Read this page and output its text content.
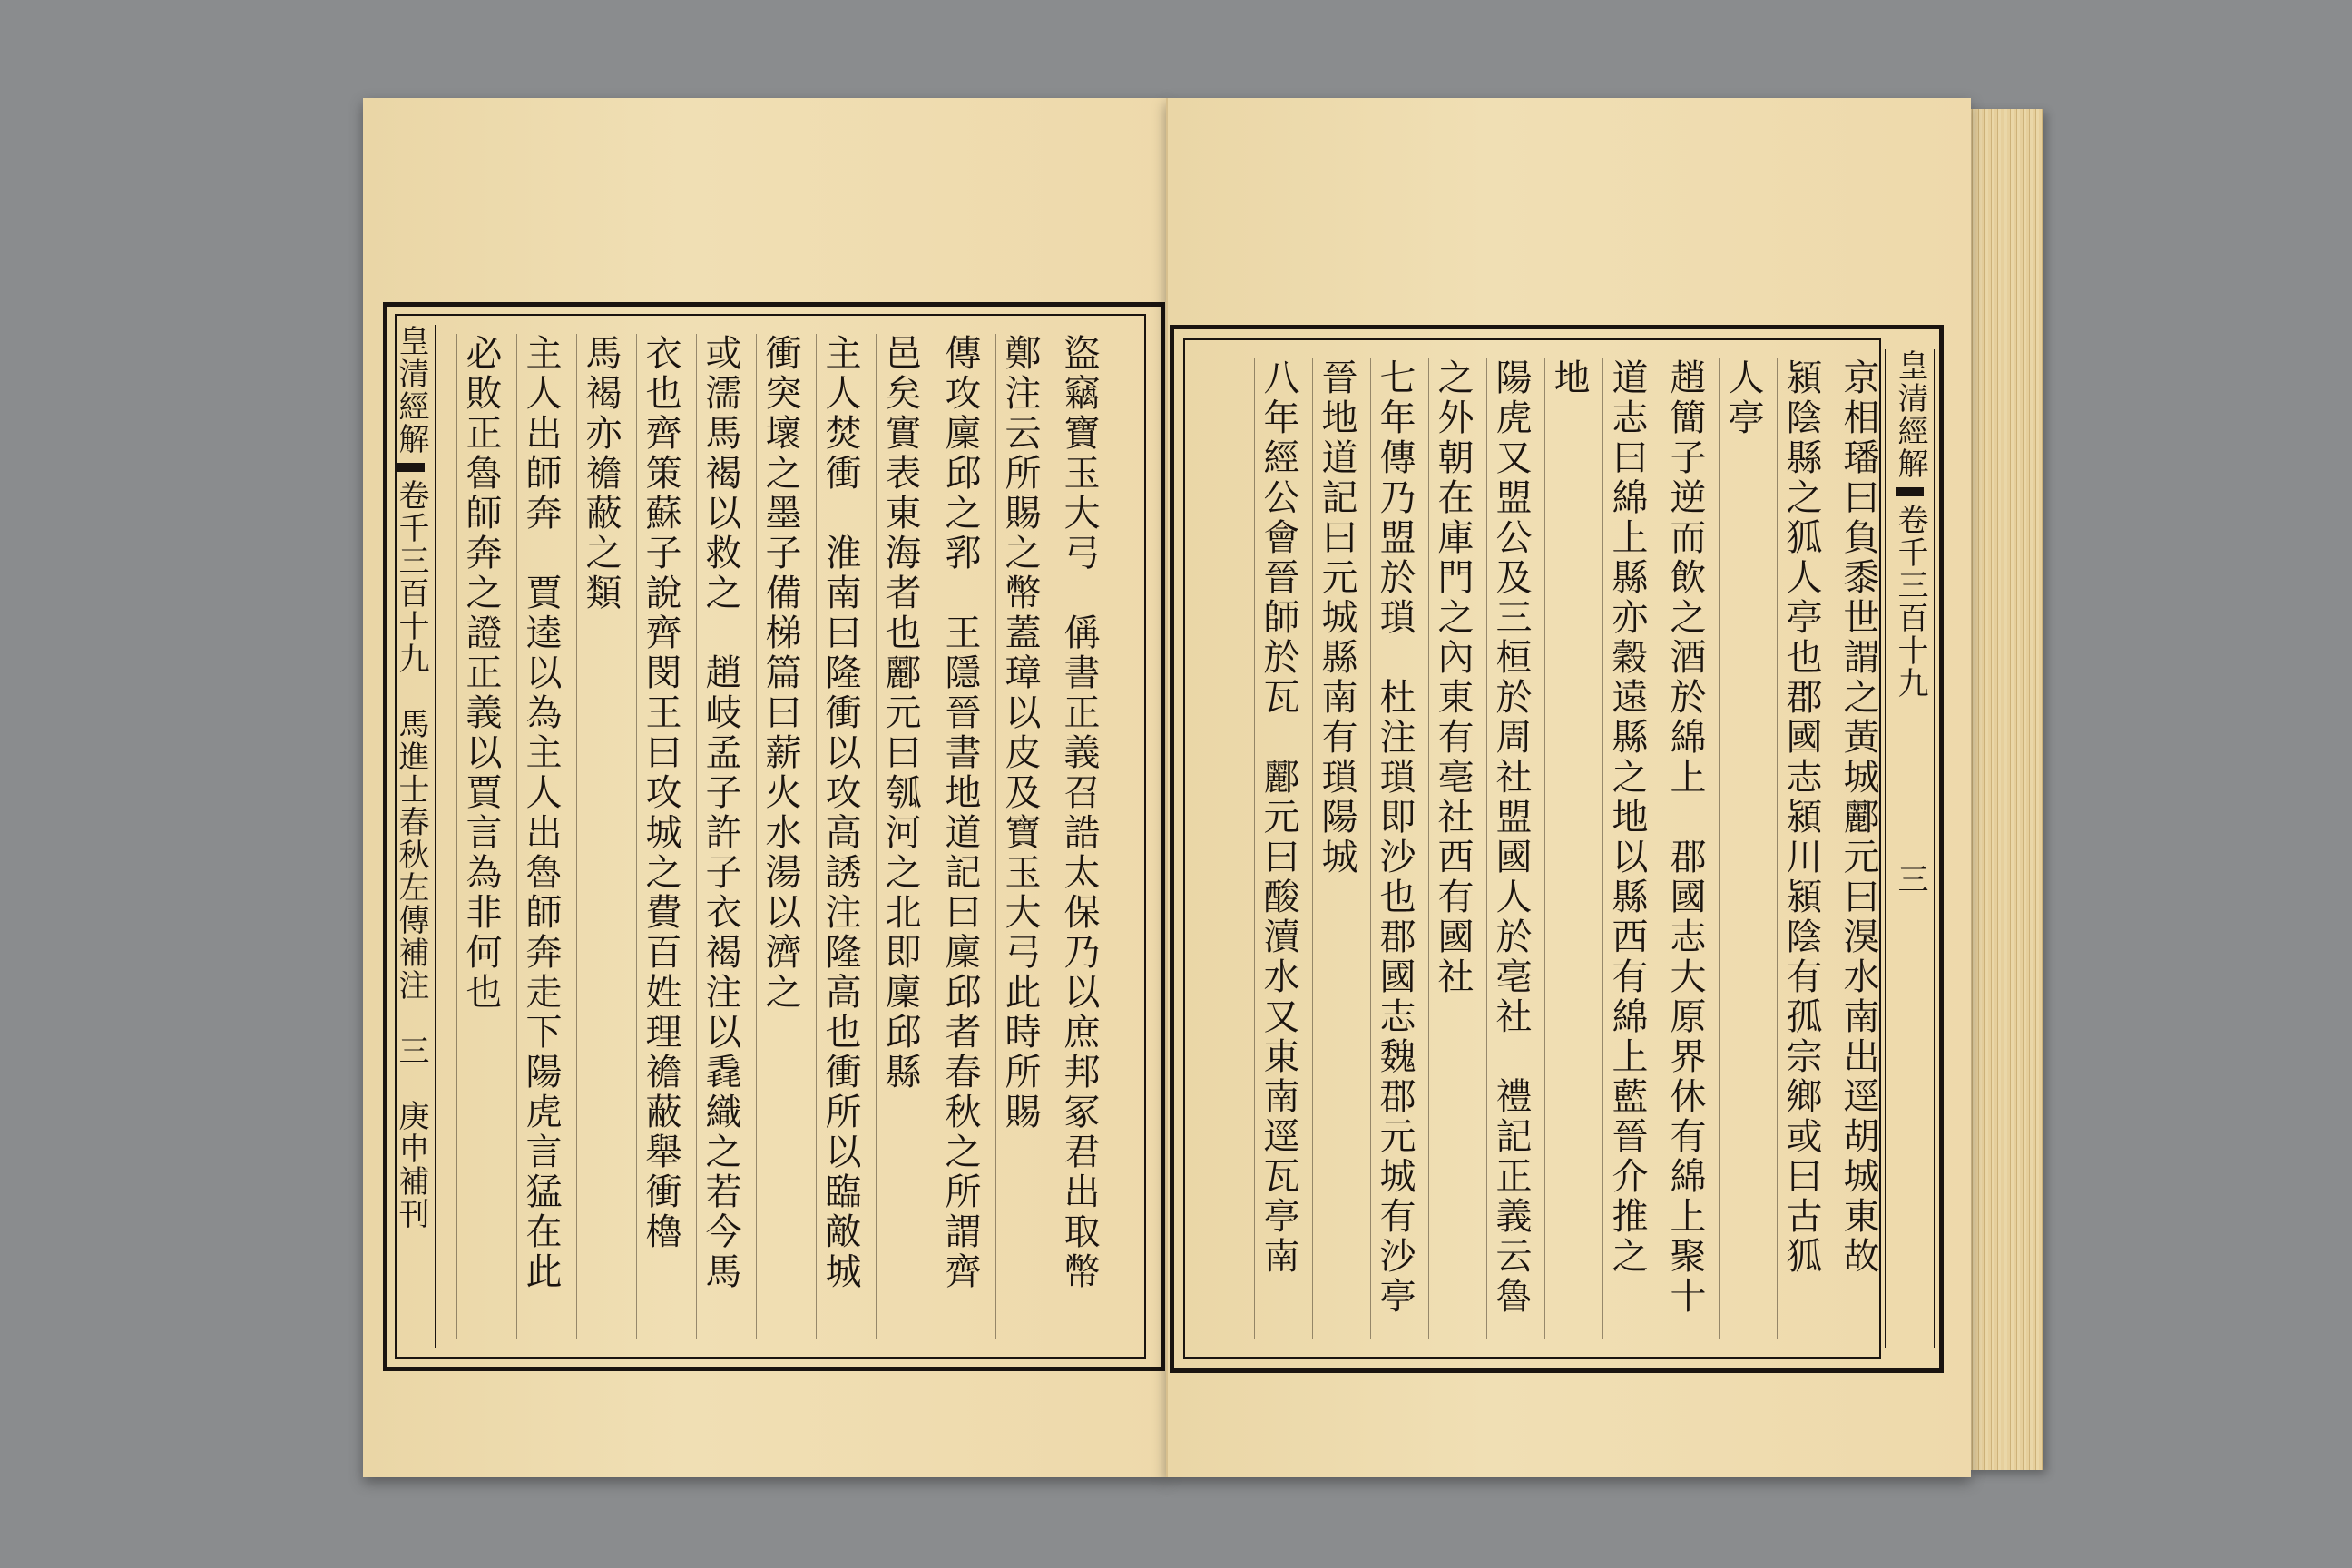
皇清經解卷千三百十九　馬進士春秋左傳補注　三　庚申補刊	盜竊寶玉大弓　偁書正義召誥太保乃以庶邦冢君出取幣
鄭注云所賜之幣蓋璋以皮及寶玉大弓此時所賜
傳攻廩邱之郛　王隱晉書地道記曰廩邱者春秋之所謂齊
邑矣實表東海者也酈元曰瓠河之北即廩邱縣
主人焚衝　淮南曰隆衝以攻高誘注隆高也衝所以臨敵城
衝突壞之墨子備梯篇曰薪火水湯以濟之
或濡馬褐以救之　趙岐孟子許子衣褐注以毳織之若今馬
衣也齊策蘇子說齊閔王曰攻城之費百姓理襜蔽舉衝櫓
馬褐亦襜蔽之類
主人出師奔　賈逵以為主人出魯師奔走下陽虎言猛在此
必敗正魯師奔之證正義以賈言為非何也	皇清經解卷千三百十九　　　　　三
京相璠曰負黍世謂之黃城酈元曰湨水南出逕胡城東故
潁陰縣之狐人亭也郡國志潁川潁陰有孤宗鄉或曰古狐
人亭
趙簡子逆而飲之酒於綿上　郡國志大原界休有綿上聚十
道志曰綿上縣亦穀遠縣之地以縣西有綿上藍晉介推之
地
陽虎又盟公及三桓於周社盟國人於亳社　禮記正義云魯
之外朝在庫門之內東有亳社西有國社
七年傳乃盟於瑣　杜注瑣即沙也郡國志魏郡元城有沙亭
晉地道記曰元城縣南有瑣陽城
八年經公會晉師於瓦　酈元曰酸瀆水又東南逕瓦亭南
